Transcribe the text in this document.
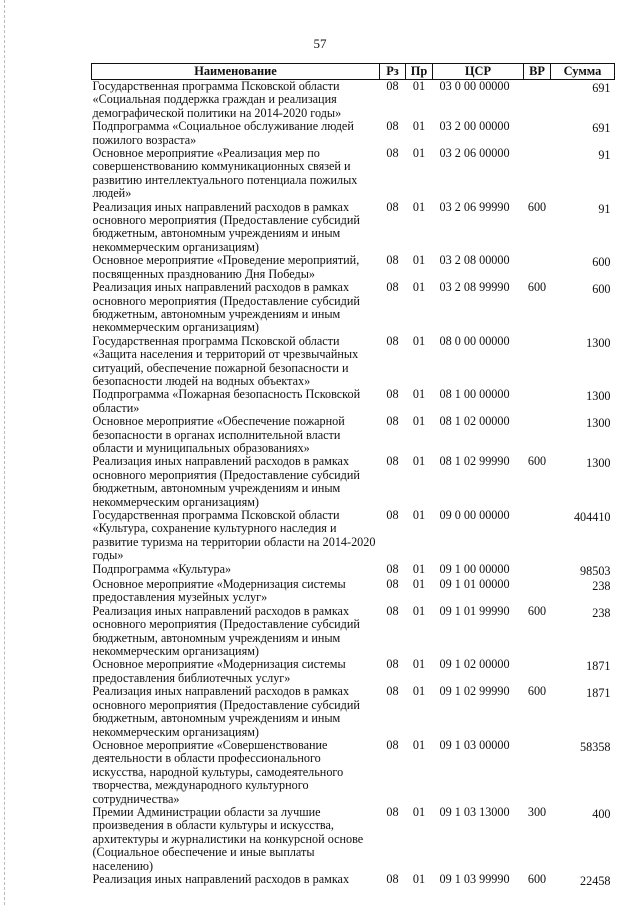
57
Наименование	Рз	Пр	ЦСР	ВР	Сумма
Государственная программа Псковской области «Социальная поддержка граждан и реализация демографической политики на 2014-2020 годы»	08	01	03 0 00 00000		691
Подпрограмма «Социальное обслуживание людей пожилого возраста»	08	01	03 2 00 00000		691
Основное мероприятие «Реализация мер по совершенствованию коммуникационных связей и развитию интеллектуального потенциала пожилых людей»	08	01	03 2 06 00000		91
Реализация иных направлений расходов в рамках основного мероприятия (Предоставление субсидий бюджетным, автономным учреждениям и иным некоммерческим организациям)	08	01	03 2 06 99990	600	91
Основное мероприятие «Проведение мероприятий, посвященных празднованию Дня Победы»	08	01	03 2 08 00000		600
Реализация иных направлений расходов в рамках основного мероприятия (Предоставление субсидий бюджетным, автономным учреждениям и иным некоммерческим организациям)	08	01	03 2 08 99990	600	600
Государственная программа Псковской области «Защита населения и территорий от чрезвычайных ситуаций, обеспечение пожарной безопасности и безопасности людей на водных объектах»	08	01	08 0 00 00000		1300
Подпрограмма «Пожарная безопасность Псковской области»	08	01	08 1 00 00000		1300
Основное мероприятие «Обеспечение пожарной безопасности в органах исполнительной власти области и муниципальных образованиях»	08	01	08 1 02 00000		1300
Реализация иных направлений расходов в рамках основного мероприятия (Предоставление субсидий бюджетным, автономным учреждениям и иным некоммерческим организациям)	08	01	08 1 02 99990	600	1300
Государственная программа Псковской области «Культура, сохранение культурного наследия и развитие туризма на территории области на 2014-2020 годы»	08	01	09 0 00 00000		404410
Подпрограмма «Культура»	08	01	09 1 00 00000		98503
Основное мероприятие «Модернизация системы предоставления музейных услуг»	08	01	09 1 01 00000		238
Реализация иных направлений расходов в рамках основного мероприятия (Предоставление субсидий бюджетным, автономным учреждениям и иным некоммерческим организациям)	08	01	09 1 01 99990	600	238
Основное мероприятие «Модернизация системы предоставления библиотечных услуг»	08	01	09 1 02 00000		1871
Реализация иных направлений расходов в рамках основного мероприятия (Предоставление субсидий бюджетным, автономным учреждениям и иным некоммерческим организациям)	08	01	09 1 02 99990	600	1871
Основное мероприятие «Совершенствование деятельности в области профессионального искусства, народной культуры, самодеятельного творчества, международного культурного сотрудничества»	08	01	09 1 03 00000		58358
Премии Администрации области за лучшие произведения в области культуры и искусства, архитектуры и журналистики на конкурсной основе (Социальное обеспечение и иные выплаты населению)	08	01	09 1 03 13000	300	400
Реализация иных направлений расходов в рамках	08	01	09 1 03 99990	600	22458
